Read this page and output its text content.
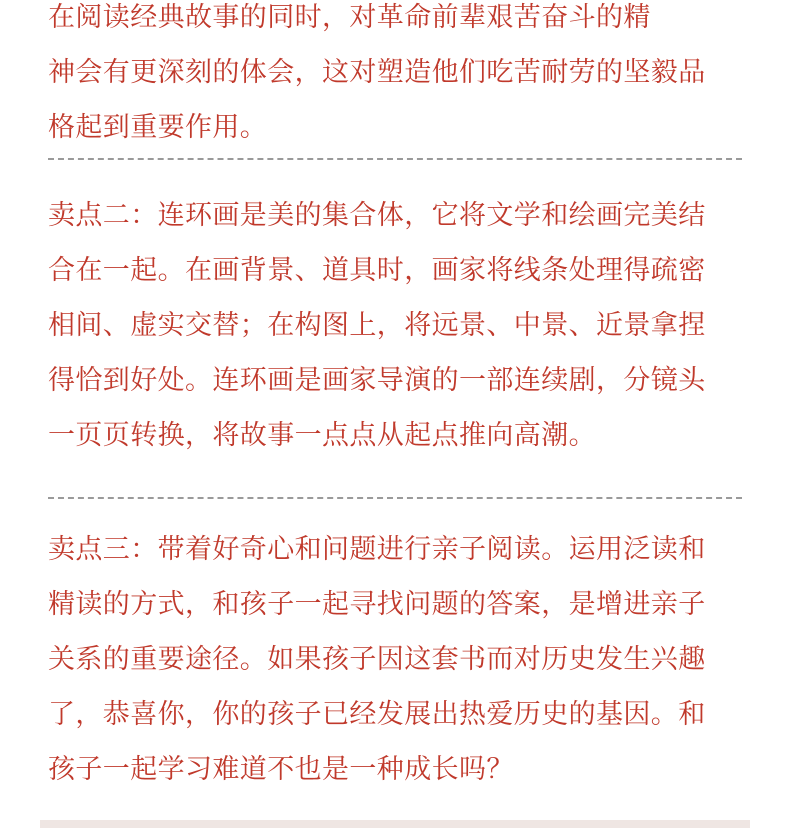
在阅读经典故事的同时，对革命前辈艰苦奋斗的精
神会有更深刻的体会，这对塑造他们吃苦耐劳的坚毅品
格起到重要作用。
卖点二：连环画是美的集合体，它将文学和绘画完美结
合在一起。在画背景、道具时，画家将线条处理得疏密
相间、虚实交替；在构图上，将远景、中景、近景拿捏
得恰到好处。连环画是画家导演的一部连续剧，分镜头
一页页转换，将故事一点点从起点推向高潮。
卖点三：带着好奇心和问题进行亲子阅读。运用泛读和
精读的方式，和孩子一起寻找问题的答案，是增进亲子
关系的重要途径。如果孩子因这套书而对历史发生兴趣
了，恭喜你，你的孩子已经发展出热爱历史的基因。和
孩子一起学习难道不也是一种成长吗？
